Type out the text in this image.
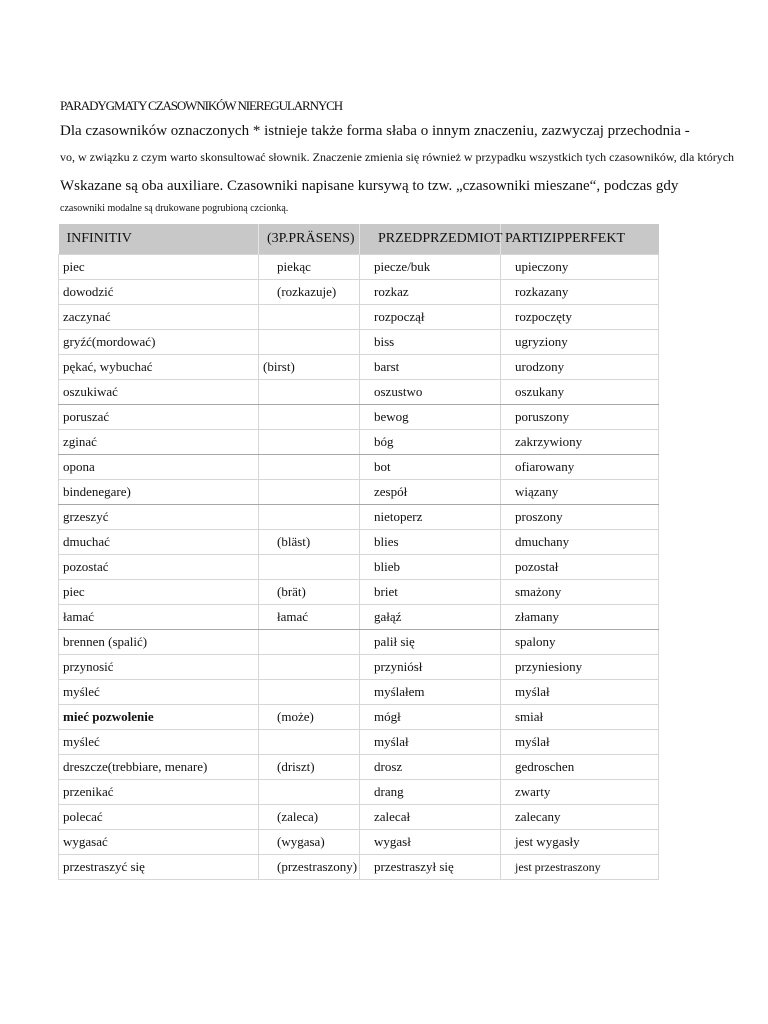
PARADYGMATY CZASOWNIKÓW NIEREGULARNYCH
Dla czasowników oznaczonych * istnieje także forma słaba o innym znaczeniu, zazwyczaj przechodnia -
vo, w związku z czym warto skonsultować słownik. Znaczenie zmienia się również w przypadku wszystkich tych czasowników, dla których
Wskazane są oba auxiliare. Czasowniki napisane kursywą to tzw. „czasowniki mieszane“, podczas gdy
czasowniki modalne są drukowane pogrubioną czcionką.
INFINITIV	(3P.PRÄSENS)	PRZEDPRZEDMIOT	PARTIZIPPERFEKT
piec	piekąc	piecze/buk	upieczony
dowodzić	(rozkazuje)	rozkaz	rozkazany
zaczynać		rozpoczął	rozpoczęty
gryźć(mordować)		biss	ugryziony
pękać, wybuchać	(birst)	barst	urodzony
oszukiwać		oszustwo	oszukany
poruszać		bewog	poruszony
zginać		bóg	zakrzywiony
opona		bot	ofiarowany
bindenegare)		zespół	wiązany
grzeszyć		nietoperz	proszony
dmuchać	(bläst)	blies	dmuchany
pozostać		blieb	pozostał
piec	(brät)	briet	smażony
łamać	łamać	gałąź	złamany
brennen (spalić)		palił się	spalony
przynosić		przyniósł	przyniesiony
myśleć		myślałem	myślał
mieć pozwolenie	(może)	mógł	smiał
myśleć		myślał	myślał
dreszcze(trebbiare, menare)	(driszt)	drosz	gedroschen
przenikać		drang	zwarty
polecać	(zaleca)	zalecał	zalecany
wygasać	(wygasa)	wygasł	jest wygasły
przestraszyć się	(przestraszony)	przestraszył się	jest przestraszony
